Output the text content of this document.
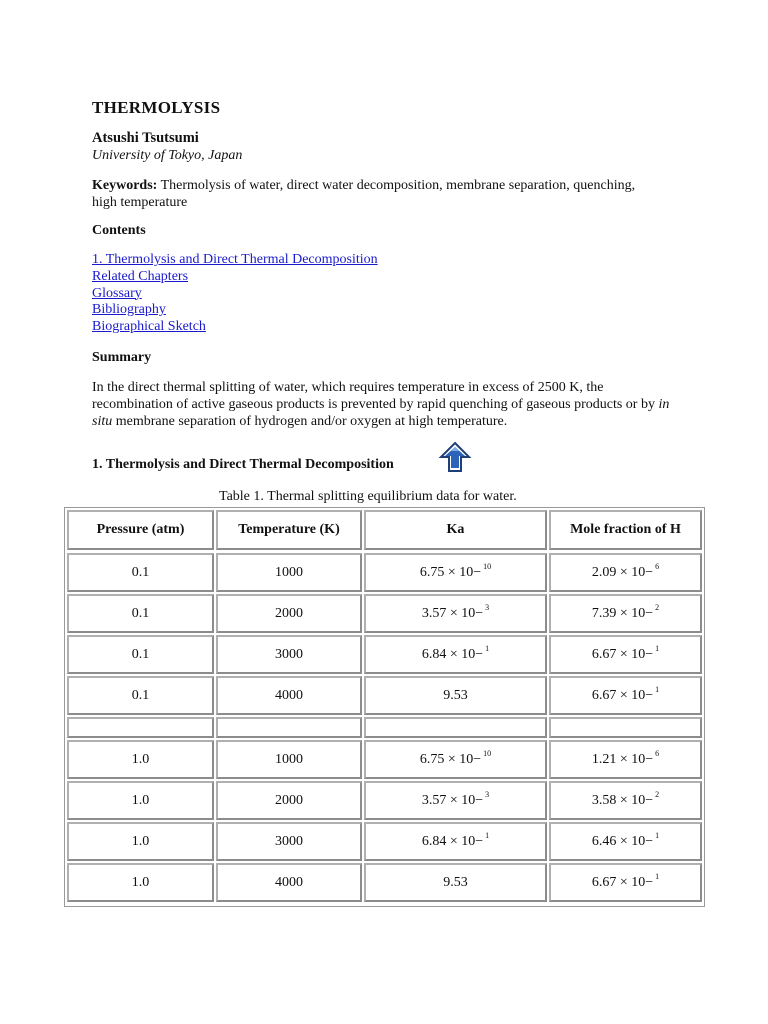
THERMOLYSIS
Atsushi Tsutsumi
University of Tokyo, Japan
Keywords: Thermolysis of water, direct water decomposition, membrane separation, quenching, high temperature
Contents
1. Thermolysis and Direct Thermal Decomposition
Related Chapters
Glossary
Bibliography
Biographical Sketch
Summary
In the direct thermal splitting of water, which requires temperature in excess of 2500 K, the recombination of active gaseous products is prevented by rapid quenching of gaseous products or by in situ membrane separation of hydrogen and/or oxygen at high temperature.
1. Thermolysis and Direct Thermal Decomposition
Table 1. Thermal splitting equilibrium data for water.
Pressure (atm)	Temperature (K)	Ka	Mole fraction of H
0.1	1000	6.75 × 10− 10	2.09 × 10− 6
0.1	2000	3.57 × 10− 3	7.39 × 10− 2
0.1	3000	6.84 × 10− 1	6.67 × 10− 1
0.1	4000	9.53	6.67 × 10− 1
1.0	1000	6.75 × 10− 10	1.21 × 10− 6
1.0	2000	3.57 × 10− 3	3.58 × 10− 2
1.0	3000	6.84 × 10− 1	6.46 × 10− 1
1.0	4000	9.53	6.67 × 10− 1
